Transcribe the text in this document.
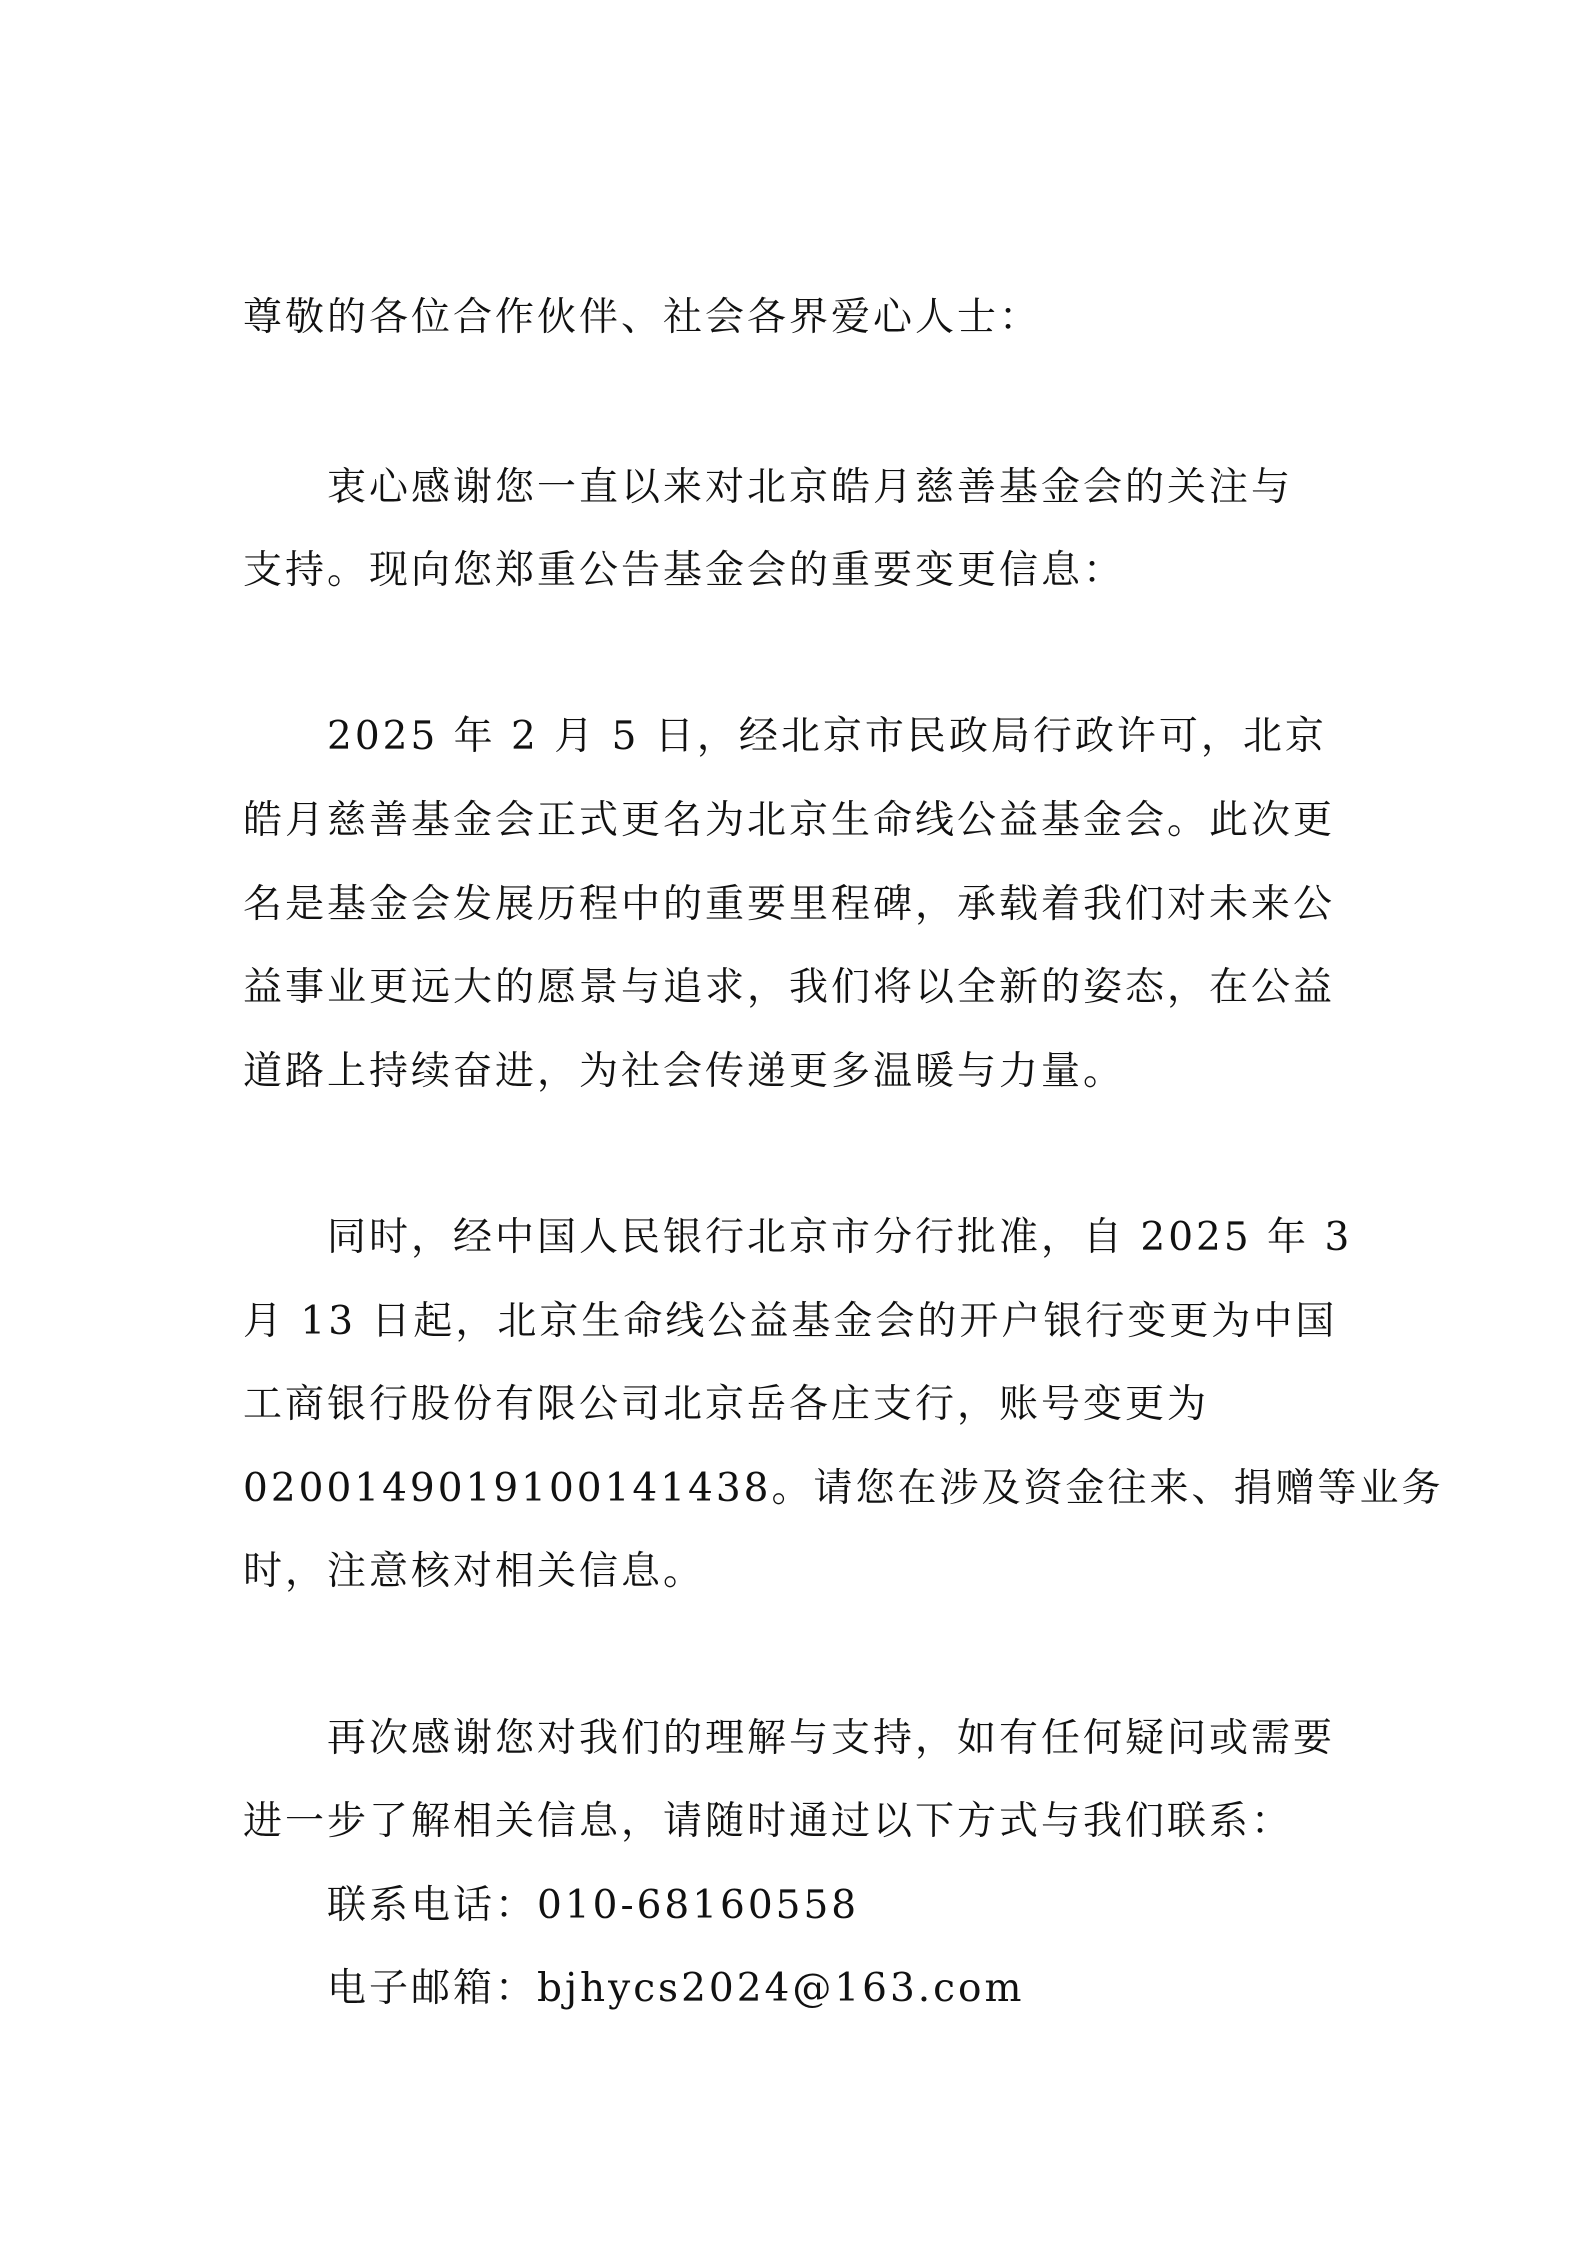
尊敬的各位合作伙伴、社会各界爱心人士：
衷心感谢您一直以来对北京皓月慈善基金会的关注与
支持。现向您郑重公告基金会的重要变更信息：
2025 年 2 月 5 日，经北京市民政局行政许可，北京
皓月慈善基金会正式更名为北京生命线公益基金会。此次更
名是基金会发展历程中的重要里程碑，承载着我们对未来公
益事业更远大的愿景与追求，我们将以全新的姿态，在公益
道路上持续奋进，为社会传递更多温暖与力量。
同时，经中国人民银行北京市分行批准，自 2025 年 3
月 13 日起，北京生命线公益基金会的开户银行变更为中国
工商银行股份有限公司北京岳各庄支行，账号变更为
0200149019100141438。请您在涉及资金往来、捐赠等业务
时，注意核对相关信息。
再次感谢您对我们的理解与支持，如有任何疑问或需要
进一步了解相关信息，请随时通过以下方式与我们联系：
联系电话：010-68160558
电子邮箱：bjhycs2024@163.com
